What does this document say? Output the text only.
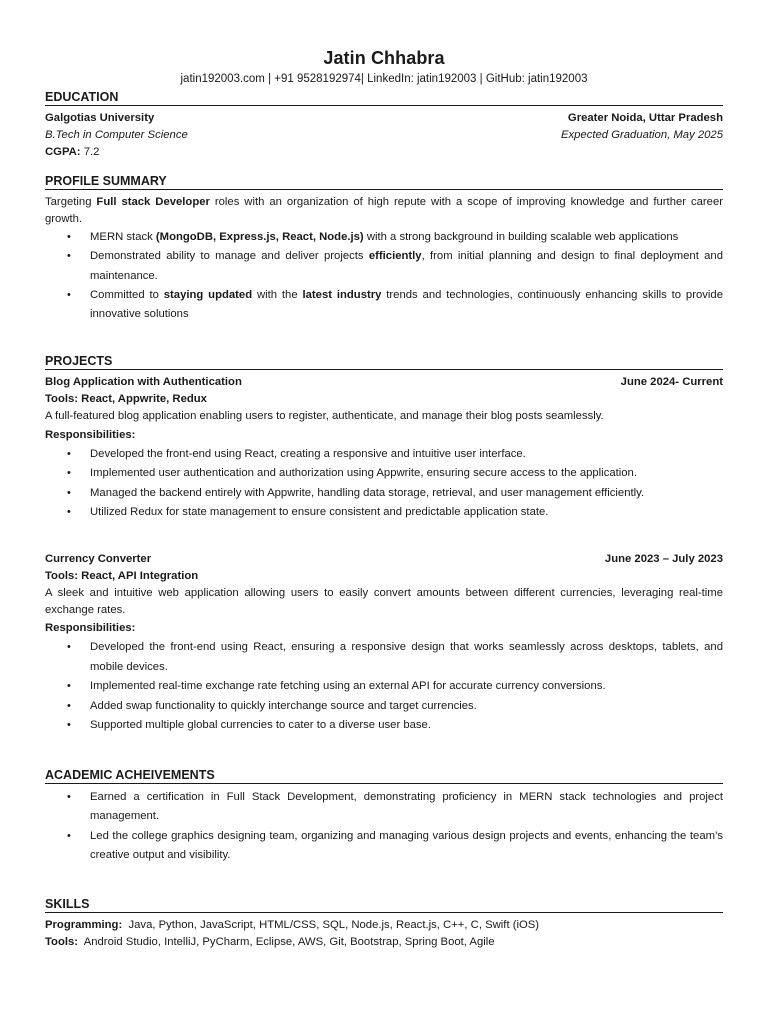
Jatin Chhabra
jatin192003.com | +91 9528192974| LinkedIn: jatin192003 | GitHub: jatin192003
EDUCATION
Galgotias University	Greater Noida, Uttar Pradesh
B.Tech in Computer Science	Expected Graduation, May 2025
CGPA: 7.2
PROFILE SUMMARY
Targeting Full stack Developer roles with an organization of high repute with a scope of improving knowledge and further career growth.
• MERN stack (MongoDB, Express.js, React, Node.js) with a strong background in building scalable web applications
• Demonstrated ability to manage and deliver projects efficiently, from initial planning and design to final deployment and maintenance.
• Committed to staying updated with the latest industry trends and technologies, continuously enhancing skills to provide innovative solutions
PROJECTS
Blog Application with Authentication	June 2024- Current
Tools: React, Appwrite, Redux
A full-featured blog application enabling users to register, authenticate, and manage their blog posts seamlessly.
Responsibilities:
• Developed the front-end using React, creating a responsive and intuitive user interface.
• Implemented user authentication and authorization using Appwrite, ensuring secure access to the application.
• Managed the backend entirely with Appwrite, handling data storage, retrieval, and user management efficiently.
• Utilized Redux for state management to ensure consistent and predictable application state.
Currency Converter	June 2023 – July 2023
Tools: React, API Integration
A sleek and intuitive web application allowing users to easily convert amounts between different currencies, leveraging real-time exchange rates.
Responsibilities:
• Developed the front-end using React, ensuring a responsive design that works seamlessly across desktops, tablets, and mobile devices.
• Implemented real-time exchange rate fetching using an external API for accurate currency conversions.
• Added swap functionality to quickly interchange source and target currencies.
• Supported multiple global currencies to cater to a diverse user base.
ACADEMIC ACHEIVEMENTS
• Earned a certification in Full Stack Development, demonstrating proficiency in MERN stack technologies and project management.
• Led the college graphics designing team, organizing and managing various design projects and events, enhancing the team’s creative output and visibility.
SKILLS
Programming: Java, Python, JavaScript, HTML/CSS, SQL, Node.js, React.js, C++, C, Swift (iOS)
Tools: Android Studio, IntelliJ, PyCharm, Eclipse, AWS, Git, Bootstrap, Spring Boot, Agile
